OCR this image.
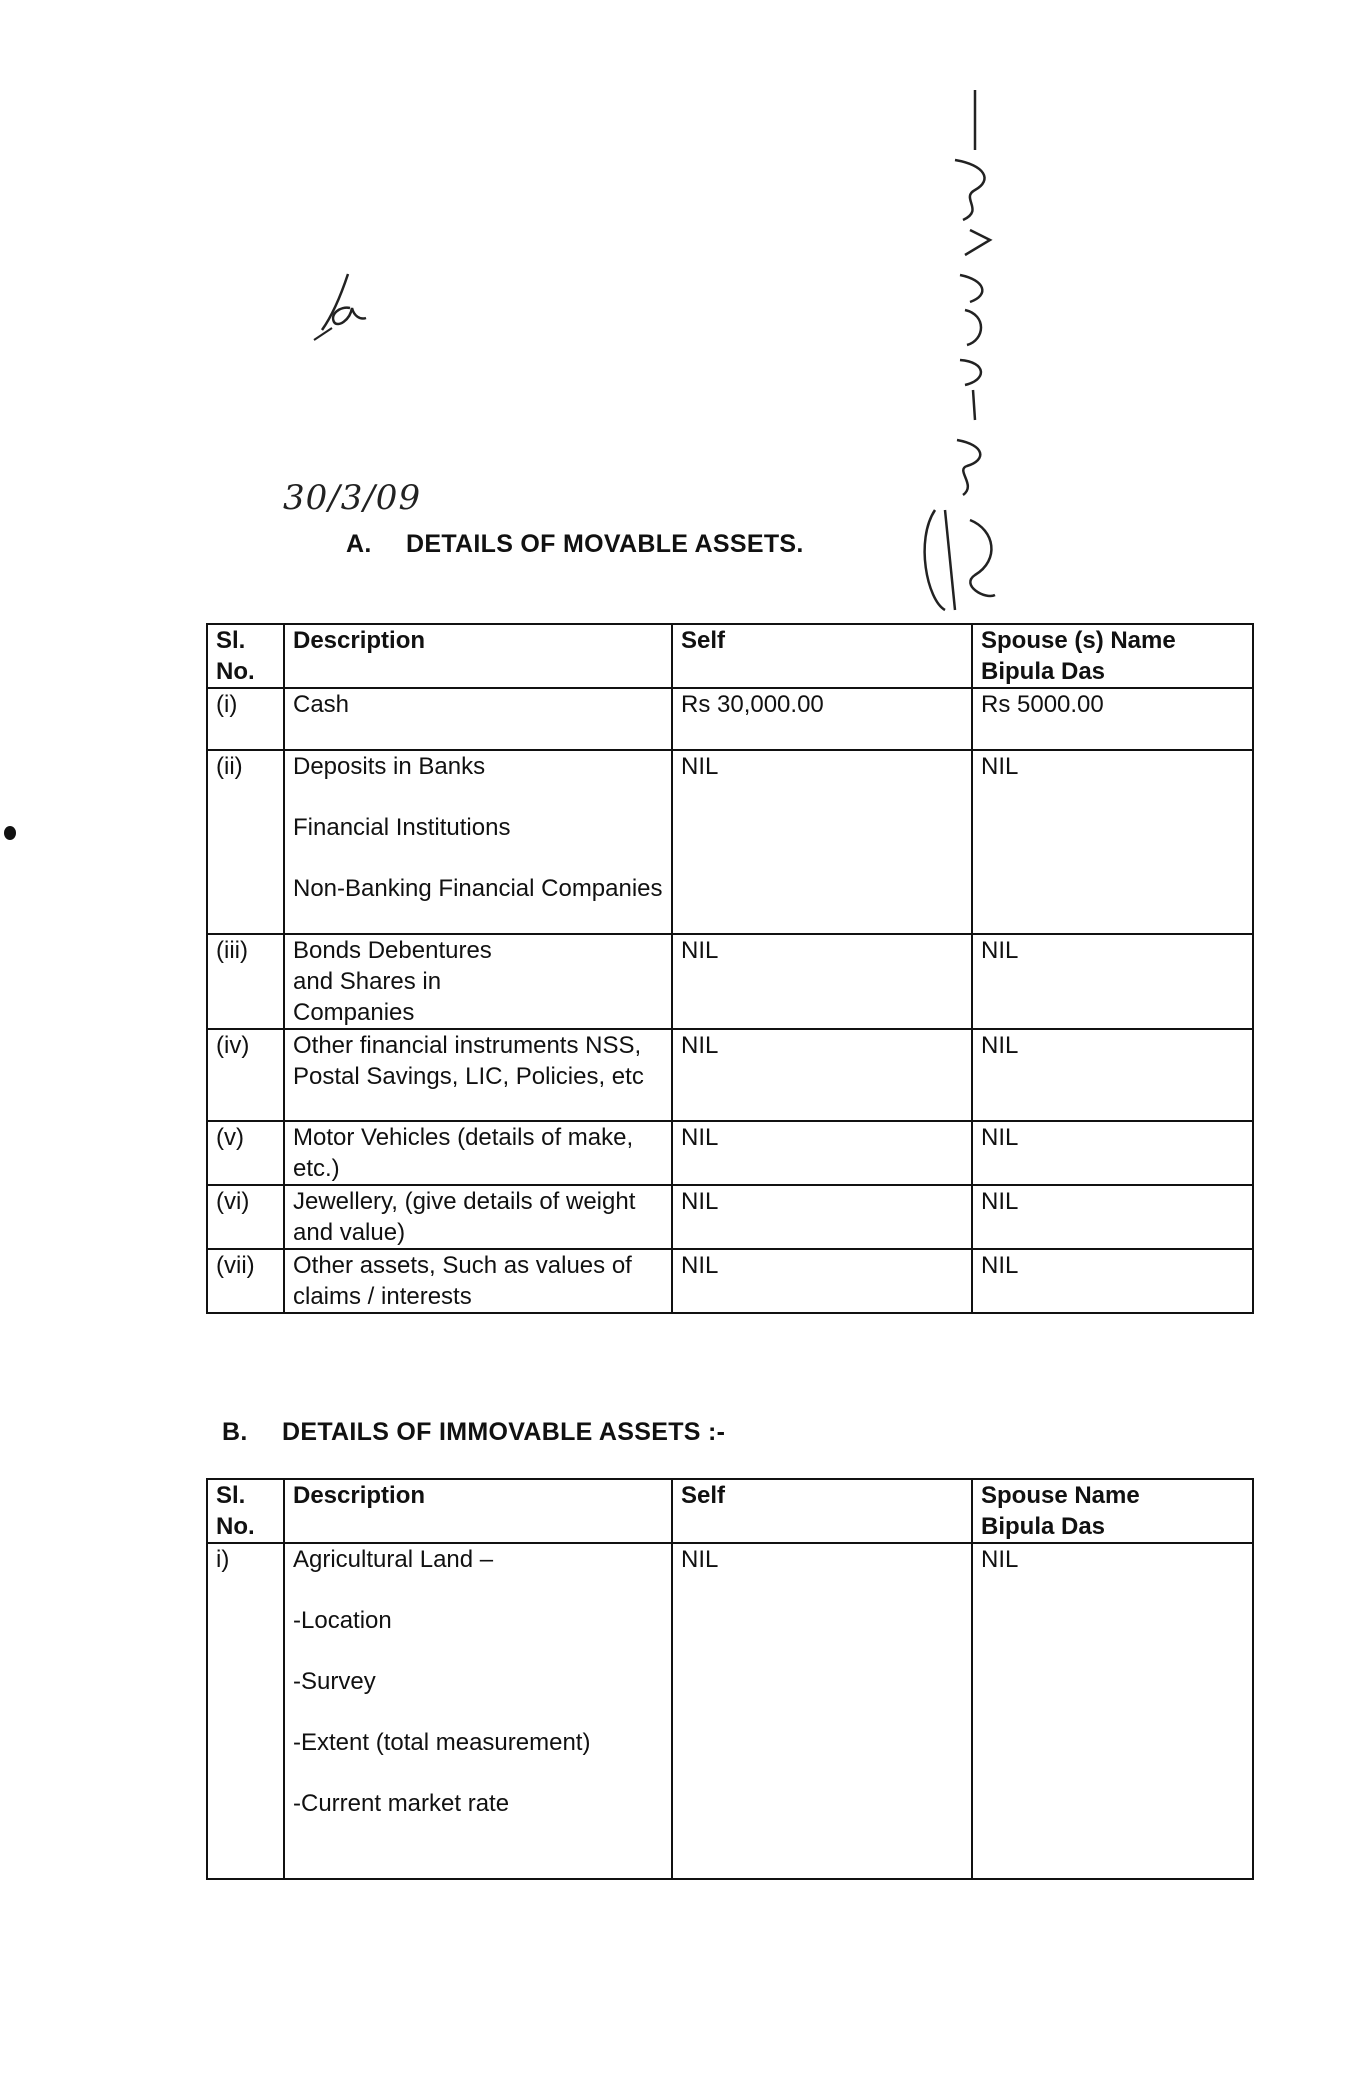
30/3/09
A. DETAILS OF MOVABLE ASSETS.
Sl. No.	Description	Self	Spouse (s) Name
Bipula Das

(i)	Cash	Rs 30,000.00	Rs 5000.00
(ii)	Deposits in Banks
Financial Institutions
Non-Banking Financial Companies	NIL	NIL
(iii)	Bonds Debentures and Shares in Companies	NIL	NIL
(iv)	Other financial instruments NSS, Postal Savings, LIC, Policies, etc	NIL	NIL
(v)	Motor Vehicles (details of make, etc.)	NIL	NIL
(vi)	Jewellery, (give details of weight and value)	NIL	NIL
(vii)	Other assets, Such as values of claims / interests	NIL	NIL
B. DETAILS OF IMMOVABLE ASSETS :-
Sl. No.	Description	Self	Spouse Name
Bipula Das

i)	Agricultural Land –
-Location
-Survey
-Extent (total measurement)
-Current market rate	NIL	NIL
